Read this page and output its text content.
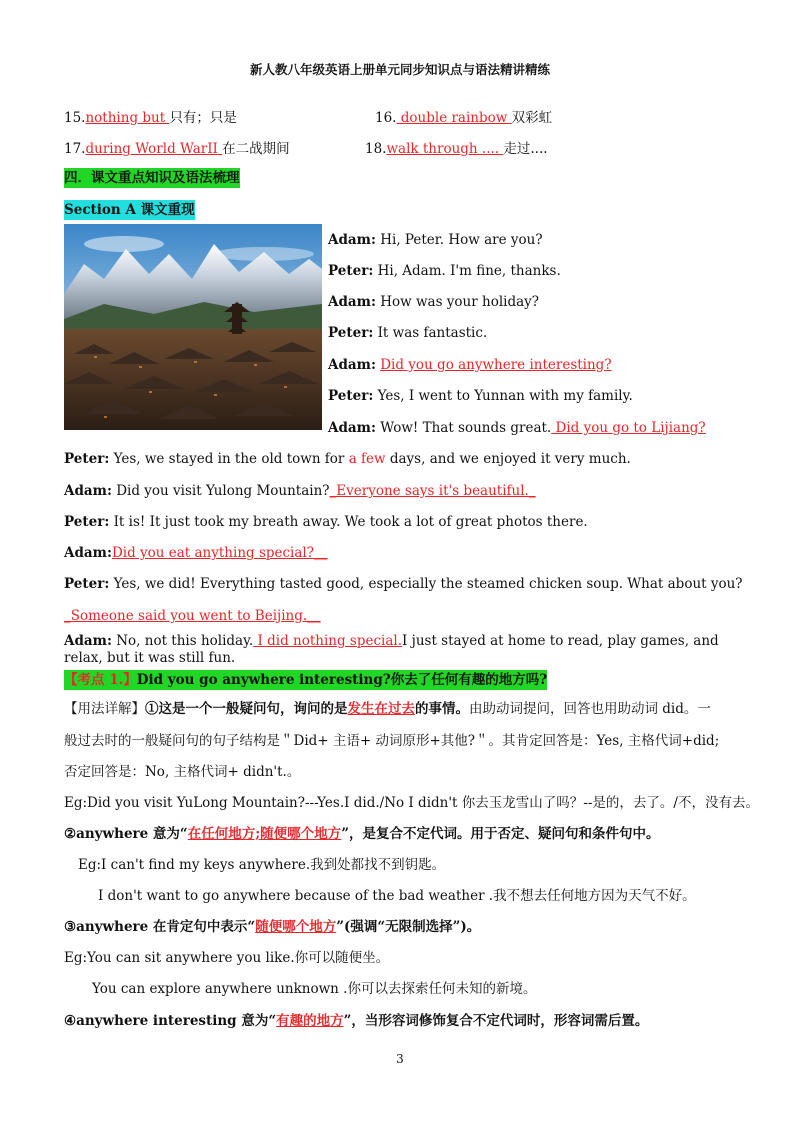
新人教八年级英语上册单元同步知识点与语法精讲精练
15.nothing but 只有；只是	16. double rainbow 双彩虹
17.during World WarII 在二战期间	18.walk through .... 走过....
四．课文重点知识及语法梳理
Section A 课文重现
Adam: Hi, Peter. How are you?
Peter: Hi, Adam. I'm fine, thanks.
Adam: How was your holiday?
Peter: It was fantastic.
Adam: Did you go anywhere interesting?
Peter: Yes, I went to Yunnan with my family.
Adam: Wow! That sounds great. Did you go to Lijiang?
Peter: Yes, we stayed in the old town for a few days, and we enjoyed it very much.
Adam: Did you visit Yulong Mountain?_Everyone says it's beautiful._
Peter: It is! It just took my breath away. We took a lot of great photos there.
Adam:Did you eat anything special?__
Peter: Yes, we did! Everything tasted good, especially the steamed chicken soup. What about you?
_Someone said you went to Beijing.__
Adam: No, not this holiday. I did nothing special.I just stayed at home to read, play games, and relax, but it was still fun.
【考点 1.】Did you go anywhere interesting?你去了任何有趣的地方吗?
【用法详解】①这是一个一般疑问句，询问的是发生在过去的事情。由助动词提问，回答也用助动词 did。一
般过去时的一般疑问句的句子结构是＂Did+ 主语+ 动词原形+其他?＂。其肯定回答是：Yes, 主格代词+did;
否定回答是：No, 主格代词+ didn't.。
Eg:Did you visit YuLong Mountain?---Yes.I did./No I didn't 你去玉龙雪山了吗？--是的，去了。/不，没有去。
②anywhere 意为“在任何地方;随便哪个地方”，是复合不定代词。用于否定、疑问句和条件句中。
Eg:I can't find my keys anywhere.我到处都找不到钥匙。
I don't want to go anywhere because of the bad weather .我不想去任何地方因为天气不好。
③anywhere 在肯定句中表示“随便哪个地方”(强调“无限制选择”)。
Eg:You can sit anywhere you like.你可以随便坐。
You can explore anywhere unknown .你可以去探索任何未知的新境。
④anywhere interesting 意为“有趣的地方”，当形容词修饰复合不定代词时，形容词需后置。
3
